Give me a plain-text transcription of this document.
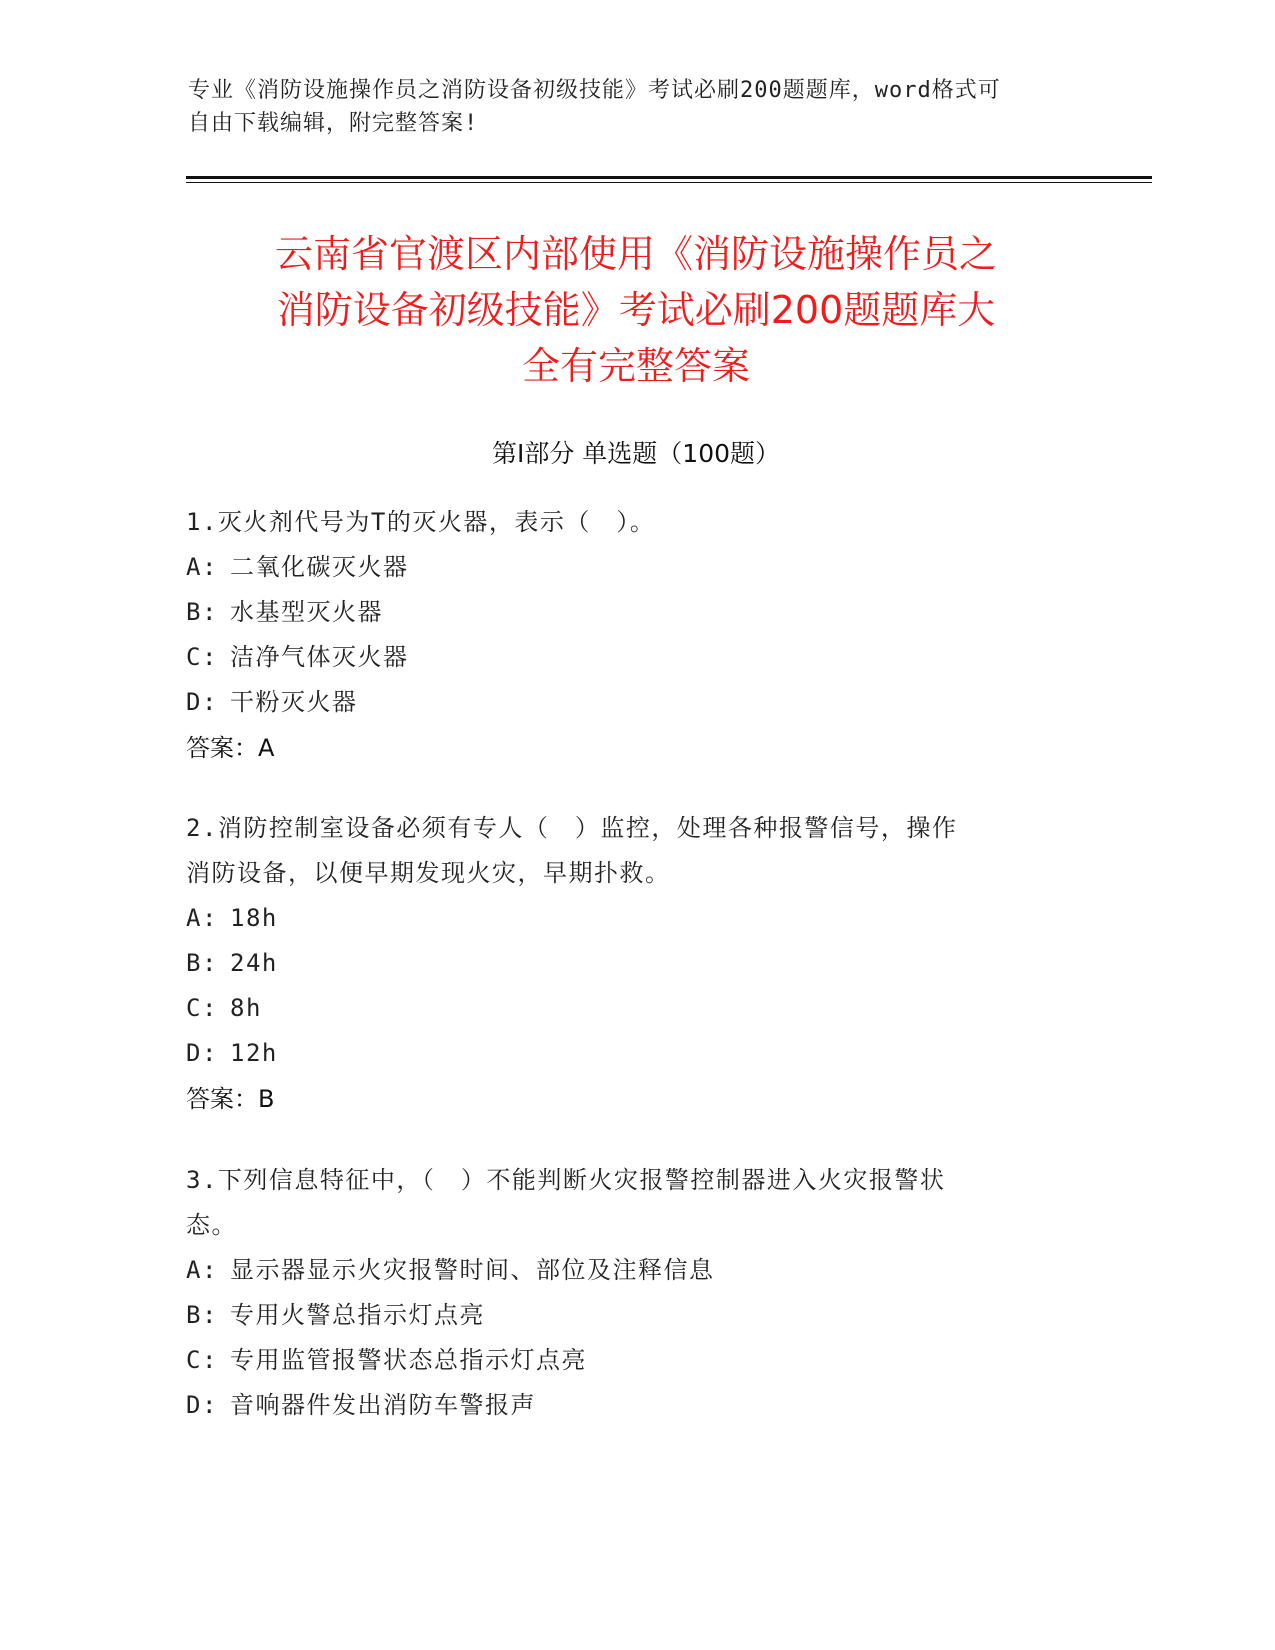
专业《消防设施操作员之消防设备初级技能》考试必刷200题题库，word格式可
自由下载编辑，附完整答案!
云南省官渡区内部使用《消防设施操作员之
消防设备初级技能》考试必刷200题题库大
全有完整答案
第Ⅰ部分 单选题（100题）
1.灭火剂代号为T的灭火器，表示（　）。
A: 二氧化碳灭火器
B: 水基型灭火器
C: 洁净气体灭火器
D: 干粉灭火器
答案：A
2.消防控制室设备必须有专人（　）监控，处理各种报警信号，操作
消防设备，以便早期发现火灾，早期扑救。
A: 18h
B: 24h
C: 8h
D: 12h
答案：B
3.下列信息特征中，（　）不能判断火灾报警控制器进入火灾报警状
态。
A: 显示器显示火灾报警时间、部位及注释信息
B: 专用火警总指示灯点亮
C: 专用监管报警状态总指示灯点亮
D: 音响器件发出消防车警报声
